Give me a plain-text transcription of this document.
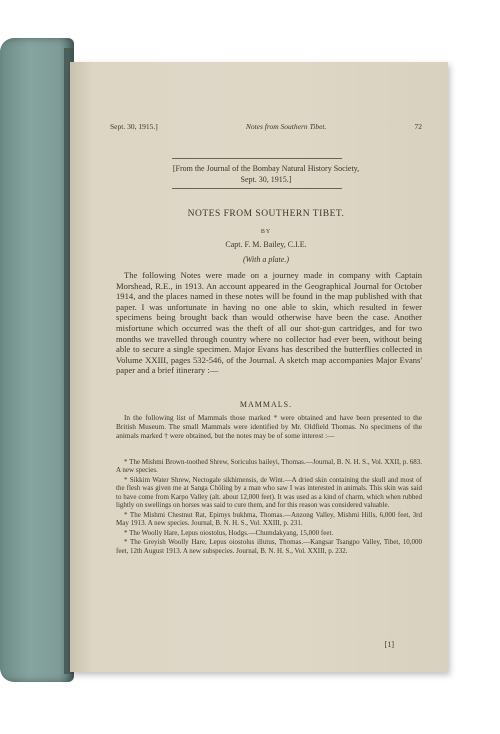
Sept. 30, 1915.]	Notes from Southern Tibet.	72
[From the Journal of the Bombay Natural History Society,
Sept. 30, 1915.]
NOTES FROM SOUTHERN TIBET.
BY
Capt. F. M. Bailey, C.I.E.
(With a plate.)
The following Notes were made on a journey made in company with Captain Morshead, R.E., in 1913. An account appeared in the Geographical Journal for October 1914, and the places named in these notes will be found in the map published with that paper. I was unfortunate in having no one able to skin, which resulted in fewer specimens being brought back than would otherwise have been the case. Another misfortune which occurred was the theft of all our shot-gun cartridges, and for two months we travelled through country where no collector had ever been, without being able to secure a single specimen. Major Evans has described the butterflies collected in Volume XXIII, pages 532-546, of the Journal. A sketch map accompanies Major Evans' paper and a brief itinerary :—
MAMMALS.
In the following list of Mammals those marked * were obtained and have been presented to the British Museum. The small Mammals were identified by Mr. Oldfield Thomas. No specimens of the animals marked † were obtained, but the notes may be of some interest :—

* The Mishmi Brown-toothed Shrew, Soriculus baileyi, Thomas.—Journal, B. N. H. S., Vol. XXII, p. 683. A new species.

* Sikkim Water Shrew, Nectogale sikhimensis, de Wint.—A dried skin containing the skull and most of the flesh was given me at Sanga Chöling by a man who saw I was interested in animals. This skin was said to have come from Karpo Valley (alt. about 12,000 feet). It was used as a kind of charm, which when rubbed lightly on swellings on horses was said to cure them, and for this reason was considered valuable.

* The Mishmi Chestnut Rat, Epimys bukhma, Thomas.—Anzong Valley, Mishmi Hills, 6,000 feet, 3rd May 1913. A new species. Journal, B. N. H. S., Vol. XXIII, p. 231.

* The Woolly Hare, Lepus oiostolus, Hodgs.—Chumdakyang, 15,000 feet.

* The Greyish Woolly Hare, Lepus oiostolus illutus, Thomas.—Kangsar Tsangpo Valley, Tibet, 10,000 feet, 12th August 1913. A new subspecies. Journal, B. N. H. S., Vol. XXIII, p. 232.

[1]
